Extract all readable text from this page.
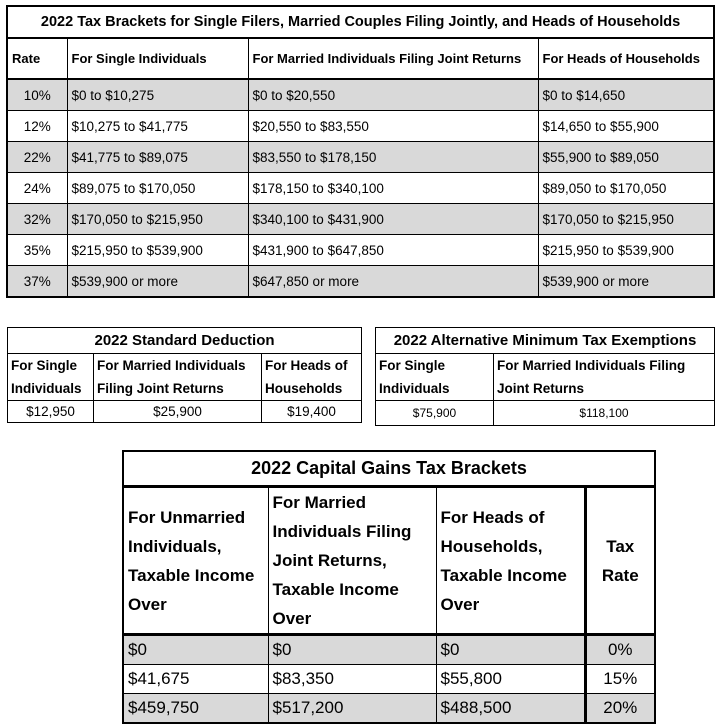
2022 Tax Brackets for Single Filers, Married Couples Filing Jointly, and Heads of Households			
Rate	For Single Individuals	For Married Individuals Filing Joint Returns	For Heads of Households
10%	$0 to $10,275	$0 to $20,550	$0 to $14,650
12%	$10,275 to $41,775	$20,550 to $83,550	$14,650 to $55,900
22%	$41,775 to $89,075	$83,550 to $178,150	$55,900 to $89,050
24%	$89,075 to $170,050	$178,150 to $340,100	$89,050 to $170,050
32%	$170,050 to $215,950	$340,100 to $431,900	$170,050 to $215,950
35%	$215,950 to $539,900	$431,900 to $647,850	$215,950 to $539,900
37%	$539,900 or more	$647,850 or more	$539,900 or more
2022 Standard Deduction		
For Single	For Married Individuals	For Heads of
Individuals	Filing Joint Returns	Households
$12,950	$25,900	$19,400
2022 Alternative Minimum Tax Exemptions	
For Single	For Married Individuals Filing
Individuals	Joint Returns
$75,900	$118,100
2022 Capital Gains Tax Brackets			
For Unmarried Individuals, Taxable Income Over	For Married Individuals Filing Joint Returns, Taxable Income Over	For Heads of Households, Taxable Income Over	Tax Rate
$0	$0	$0	0%
$41,675	$83,350	$55,800	15%
$459,750	$517,200	$488,500	20%
